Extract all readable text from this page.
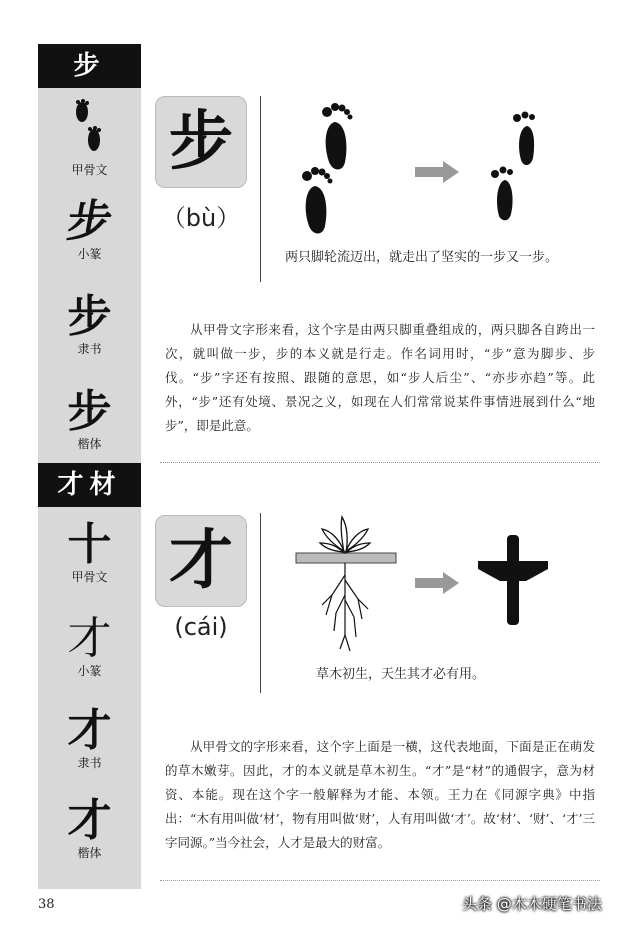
步
甲骨文
步
小篆
步
隶书
步
楷体
步
（bù）
两只脚轮流迈出，就走出了坚实的一步又一步。
从甲骨文字形来看，这个字是由两只脚重叠组成的，两只脚各自跨出一次，就叫做一步，步的本义就是行走。作名词用时，“步”意为脚步、步伐。“步”字还有按照、跟随的意思，如“步人后尘”、“亦步亦趋”等。此外，“步”还有处境、景况之义，如现在人们常常说某件事情进展到什么“地步”，即是此意。
才材
十
甲骨文
才
小篆
才
隶书
才
楷体
才
(cái)
草木初生，天生其才必有用。
从甲骨文的字形来看，这个字上面是一横，这代表地面，下面是正在萌发的草木嫩芽。因此，才的本义就是草木初生。“才”是“材”的通假字，意为材资、本能。现在这个字一般解释为才能、本领。王力在《同源字典》中指出：“木有用叫做‘材’，物有用叫做‘财’，人有用叫做‘才’。故‘材’、‘财’、‘才’三字同源。”当今社会，人才是最大的财富。
38	头条 @木木硬笔书法
